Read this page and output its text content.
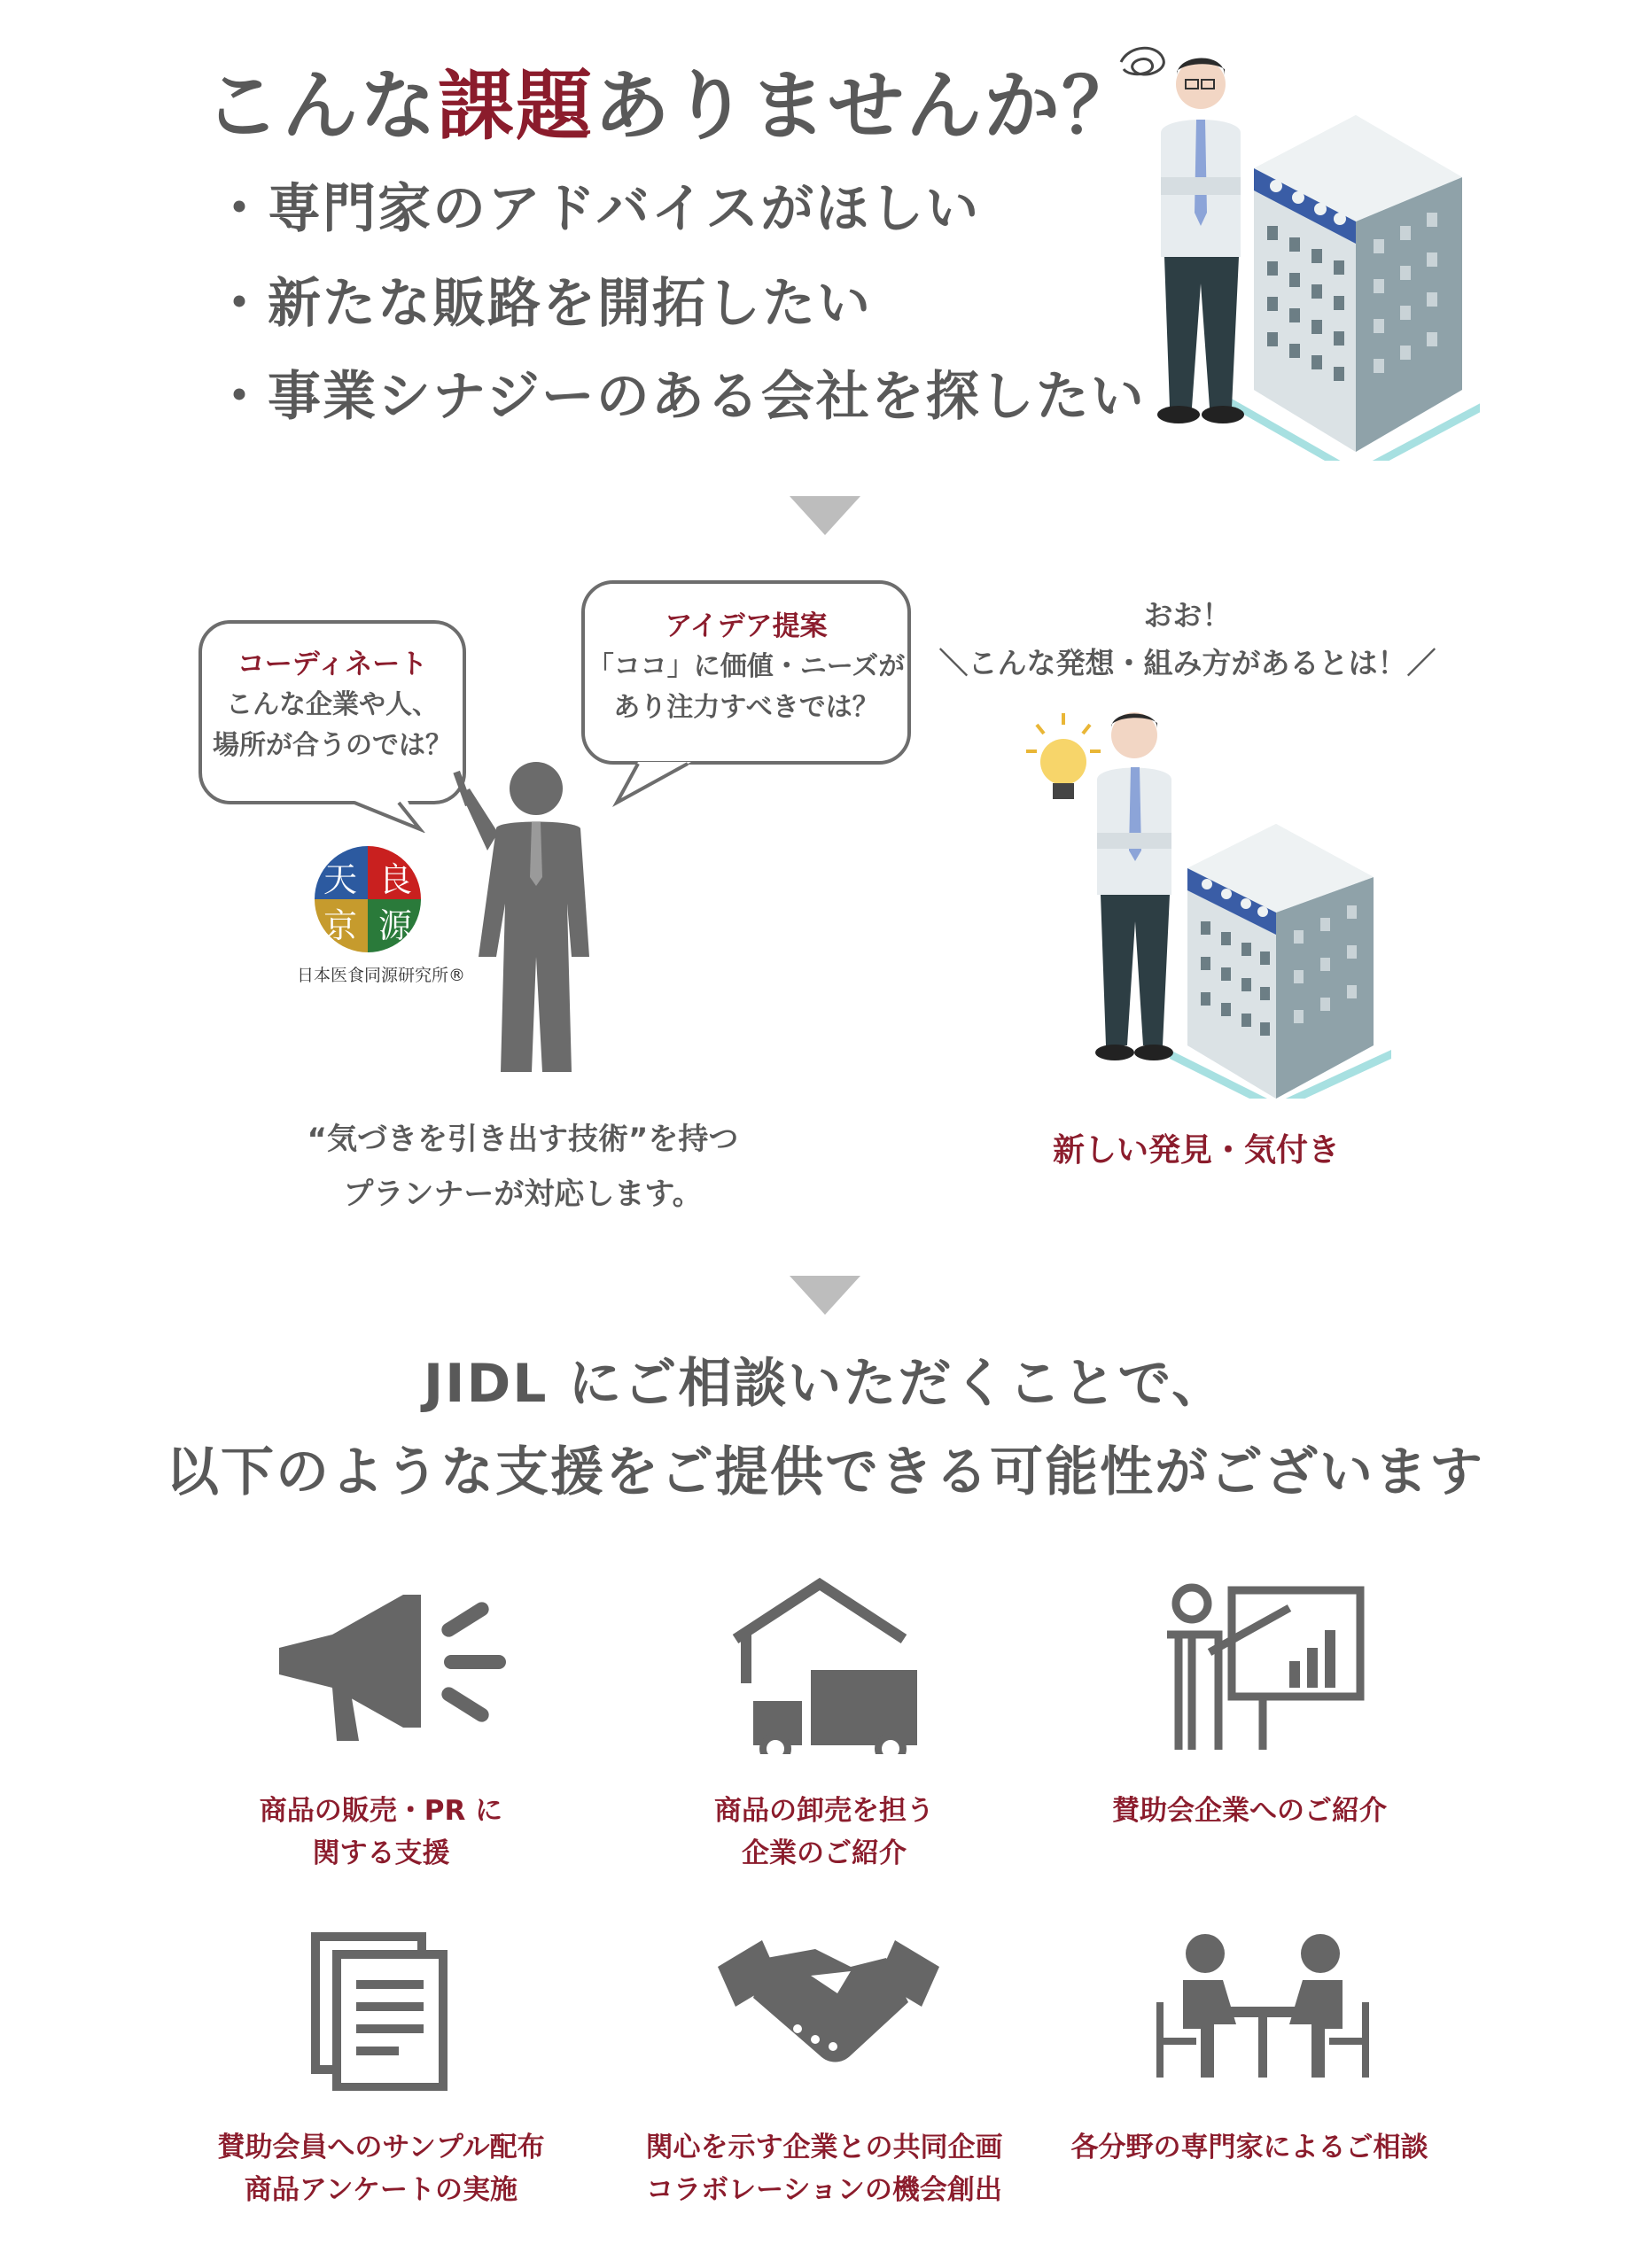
こんな課題ありませんか？
・専門家のアドバイスがほしい
・新たな販路を開拓したい
・事業シナジーのある会社を探したい
コーディネート
こんな企業や人、
場所が合うのでは？
アイデア提案
「ココ」に価値・ニーズが
あり注力すべきでは？
天 良
京 源
日本医食同源研究所®
“気づきを引き出す技術”を持つ
プランナーが対応します。
おお！
＼こんな発想・組み方があるとは！／
新しい発見・気付き
JIDL にご相談いただくことで、
以下のような支援をご提供できる可能性がございます
商品の販売・PR に
関する支援
商品の卸売を担う
企業のご紹介
賛助会企業へのご紹介
賛助会員へのサンプル配布
商品アンケートの実施
関心を示す企業との共同企画
コラボレーションの機会創出
各分野の専門家によるご相談
